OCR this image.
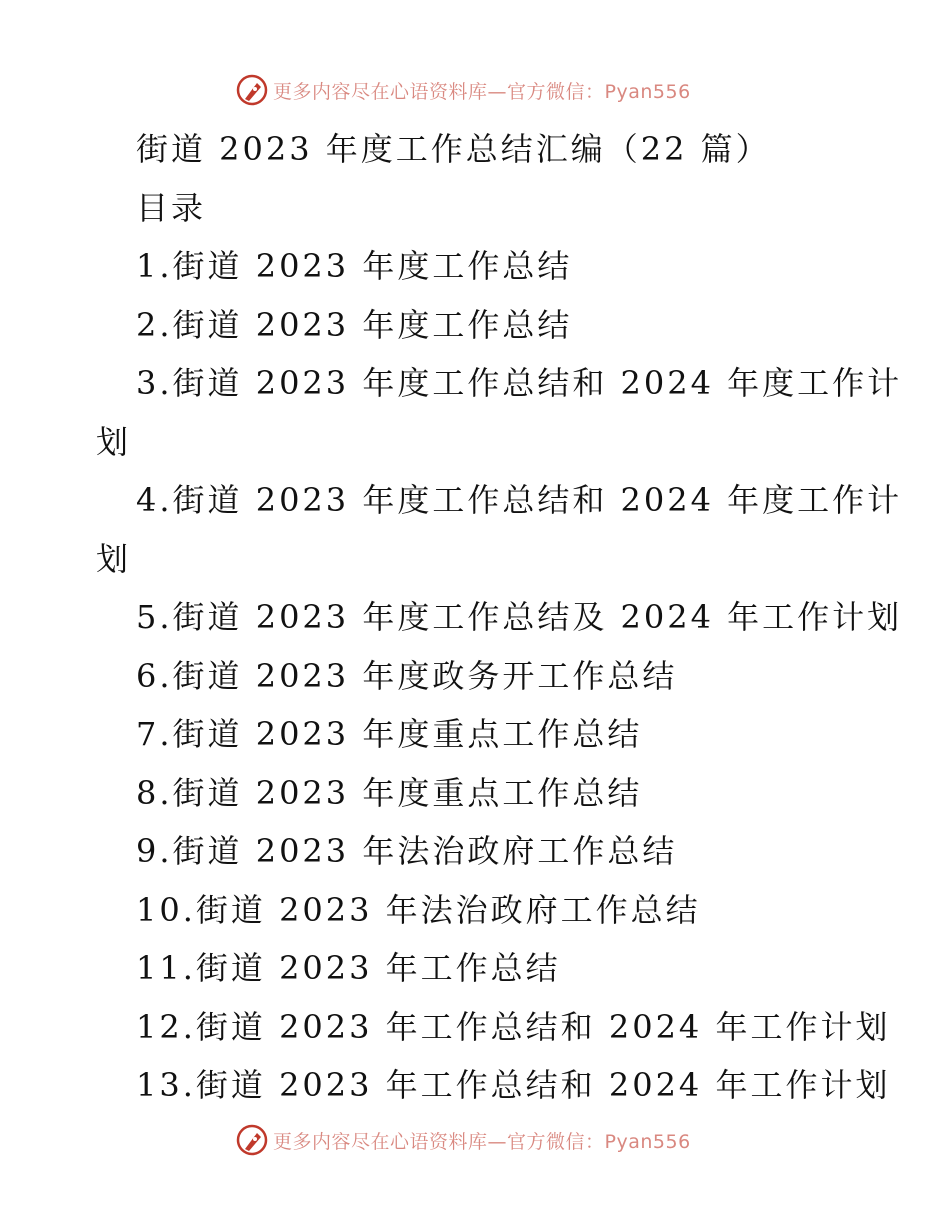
更多内容尽在心语资料库—官方微信：Pyan556

街道 2023 年度工作总结汇编（22 篇）

目录

1.街道 2023 年度工作总结

2.街道 2023 年度工作总结

3.街道 2023 年度工作总结和 2024 年度工作计

划

4.街道 2023 年度工作总结和 2024 年度工作计

划

5.街道 2023 年度工作总结及 2024 年工作计划

6.街道 2023 年度政务开工作总结

7.街道 2023 年度重点工作总结

8.街道 2023 年度重点工作总结

9.街道 2023 年法治政府工作总结

10.街道 2023 年法治政府工作总结

11.街道 2023 年工作总结

12.街道 2023 年工作总结和 2024 年工作计划

13.街道 2023 年工作总结和 2024 年工作计划

更多内容尽在心语资料库—官方微信：Pyan556
